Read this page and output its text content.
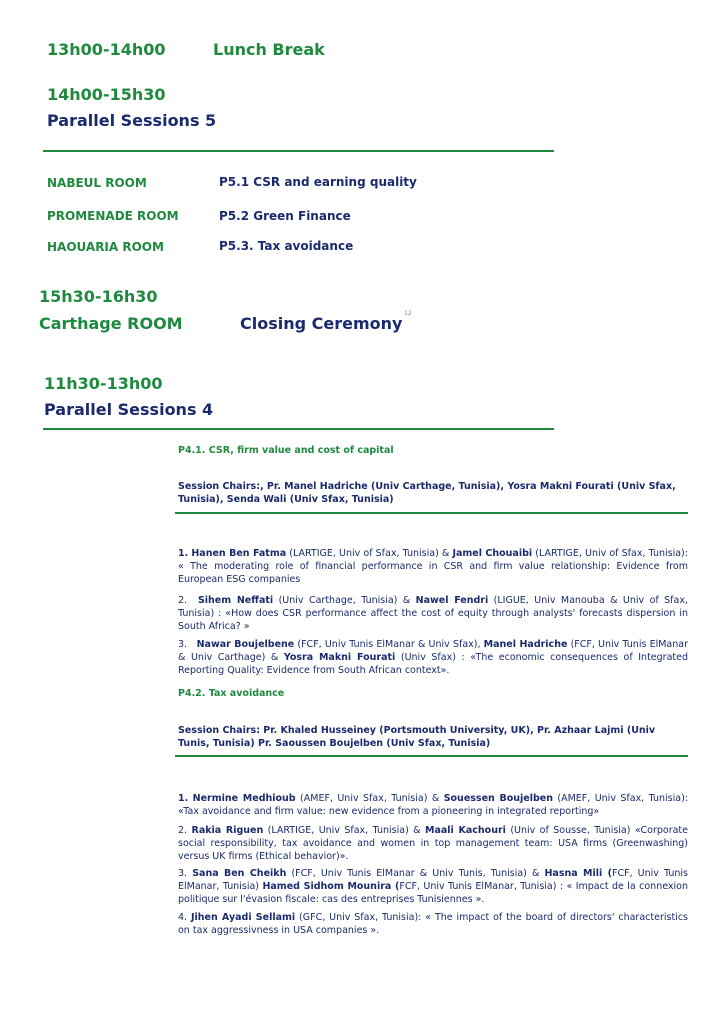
13h00-14h00	Lunch Break
14h00-15h30
Parallel Sessions 5
NABEUL ROOM	P5.1 CSR and earning quality
PROMENADE ROOM	P5.2 Green Finance
HAOUARIA ROOM	P5.3. Tax avoidance
15h30-16h30
Carthage ROOM	Closing Ceremony
12
11h30-13h00
Parallel Sessions 4
P4.1. CSR, firm value and cost of capital
Session Chairs:, Pr. Manel Hadriche (Univ Carthage, Tunisia), Yosra Makni Fourati (Univ Sfax, Tunisia), Senda Wali (Univ Sfax, Tunisia)
1. Hanen Ben Fatma (LARTIGE, Univ of Sfax, Tunisia) & Jamel Chouaibi (LARTIGE, Univ of Sfax, Tunisia): « The moderating role of financial performance in CSR and firm value relationship: Evidence from European ESG companies
2. Sihem Neffati (Univ Carthage, Tunisia) & Nawel Fendri (LIGUE, Univ Manouba & Univ of Sfax, Tunisia) : «How does CSR performance affect the cost of equity through analysts' forecasts dispersion in South Africa? »
3. Nawar Boujelbene (FCF, Univ Tunis ElManar & Univ Sfax), Manel Hadriche (FCF, Univ Tunis ElManar & Univ Carthage) & Yosra Makni Fourati (Univ Sfax) : «The economic consequences of Integrated Reporting Quality: Evidence from South African context».
P4.2. Tax avoidance
Session Chairs: Pr. Khaled Husseiney (Portsmouth University, UK), Pr. Azhaar Lajmi (Univ Tunis, Tunisia) Pr. Saoussen Boujelben (Univ Sfax, Tunisia)
1. Nermine Medhioub (AMEF, Univ Sfax, Tunisia) & Souessen Boujelben (AMEF, Univ Sfax, Tunisia): «Tax avoidance and firm value: new evidence from a pioneering in integrated reporting»
2. Rakia Riguen (LARTIGE, Univ Sfax, Tunisia) & Maali Kachouri (Univ of Sousse, Tunisia) «Corporate social responsibility, tax avoidance and women in top management team: USA firms (Greenwashing) versus UK firms (Ethical behavior)».
3. Sana Ben Cheikh (FCF, Univ Tunis ElManar & Univ Tunis, Tunisia) & Hasna Mili (FCF, Univ Tunis ElManar, Tunisia) Hamed Sidhom Mounira (FCF, Univ Tunis ElManar, Tunisia) : « Impact de la connexion politique sur l'évasion fiscale: cas des entreprises Tunisiennes ».
4. Jihen Ayadi Sellami (GFC, Univ Sfax, Tunisia): « The impact of the board of directors' characteristics on tax aggressivness in USA companies ».
